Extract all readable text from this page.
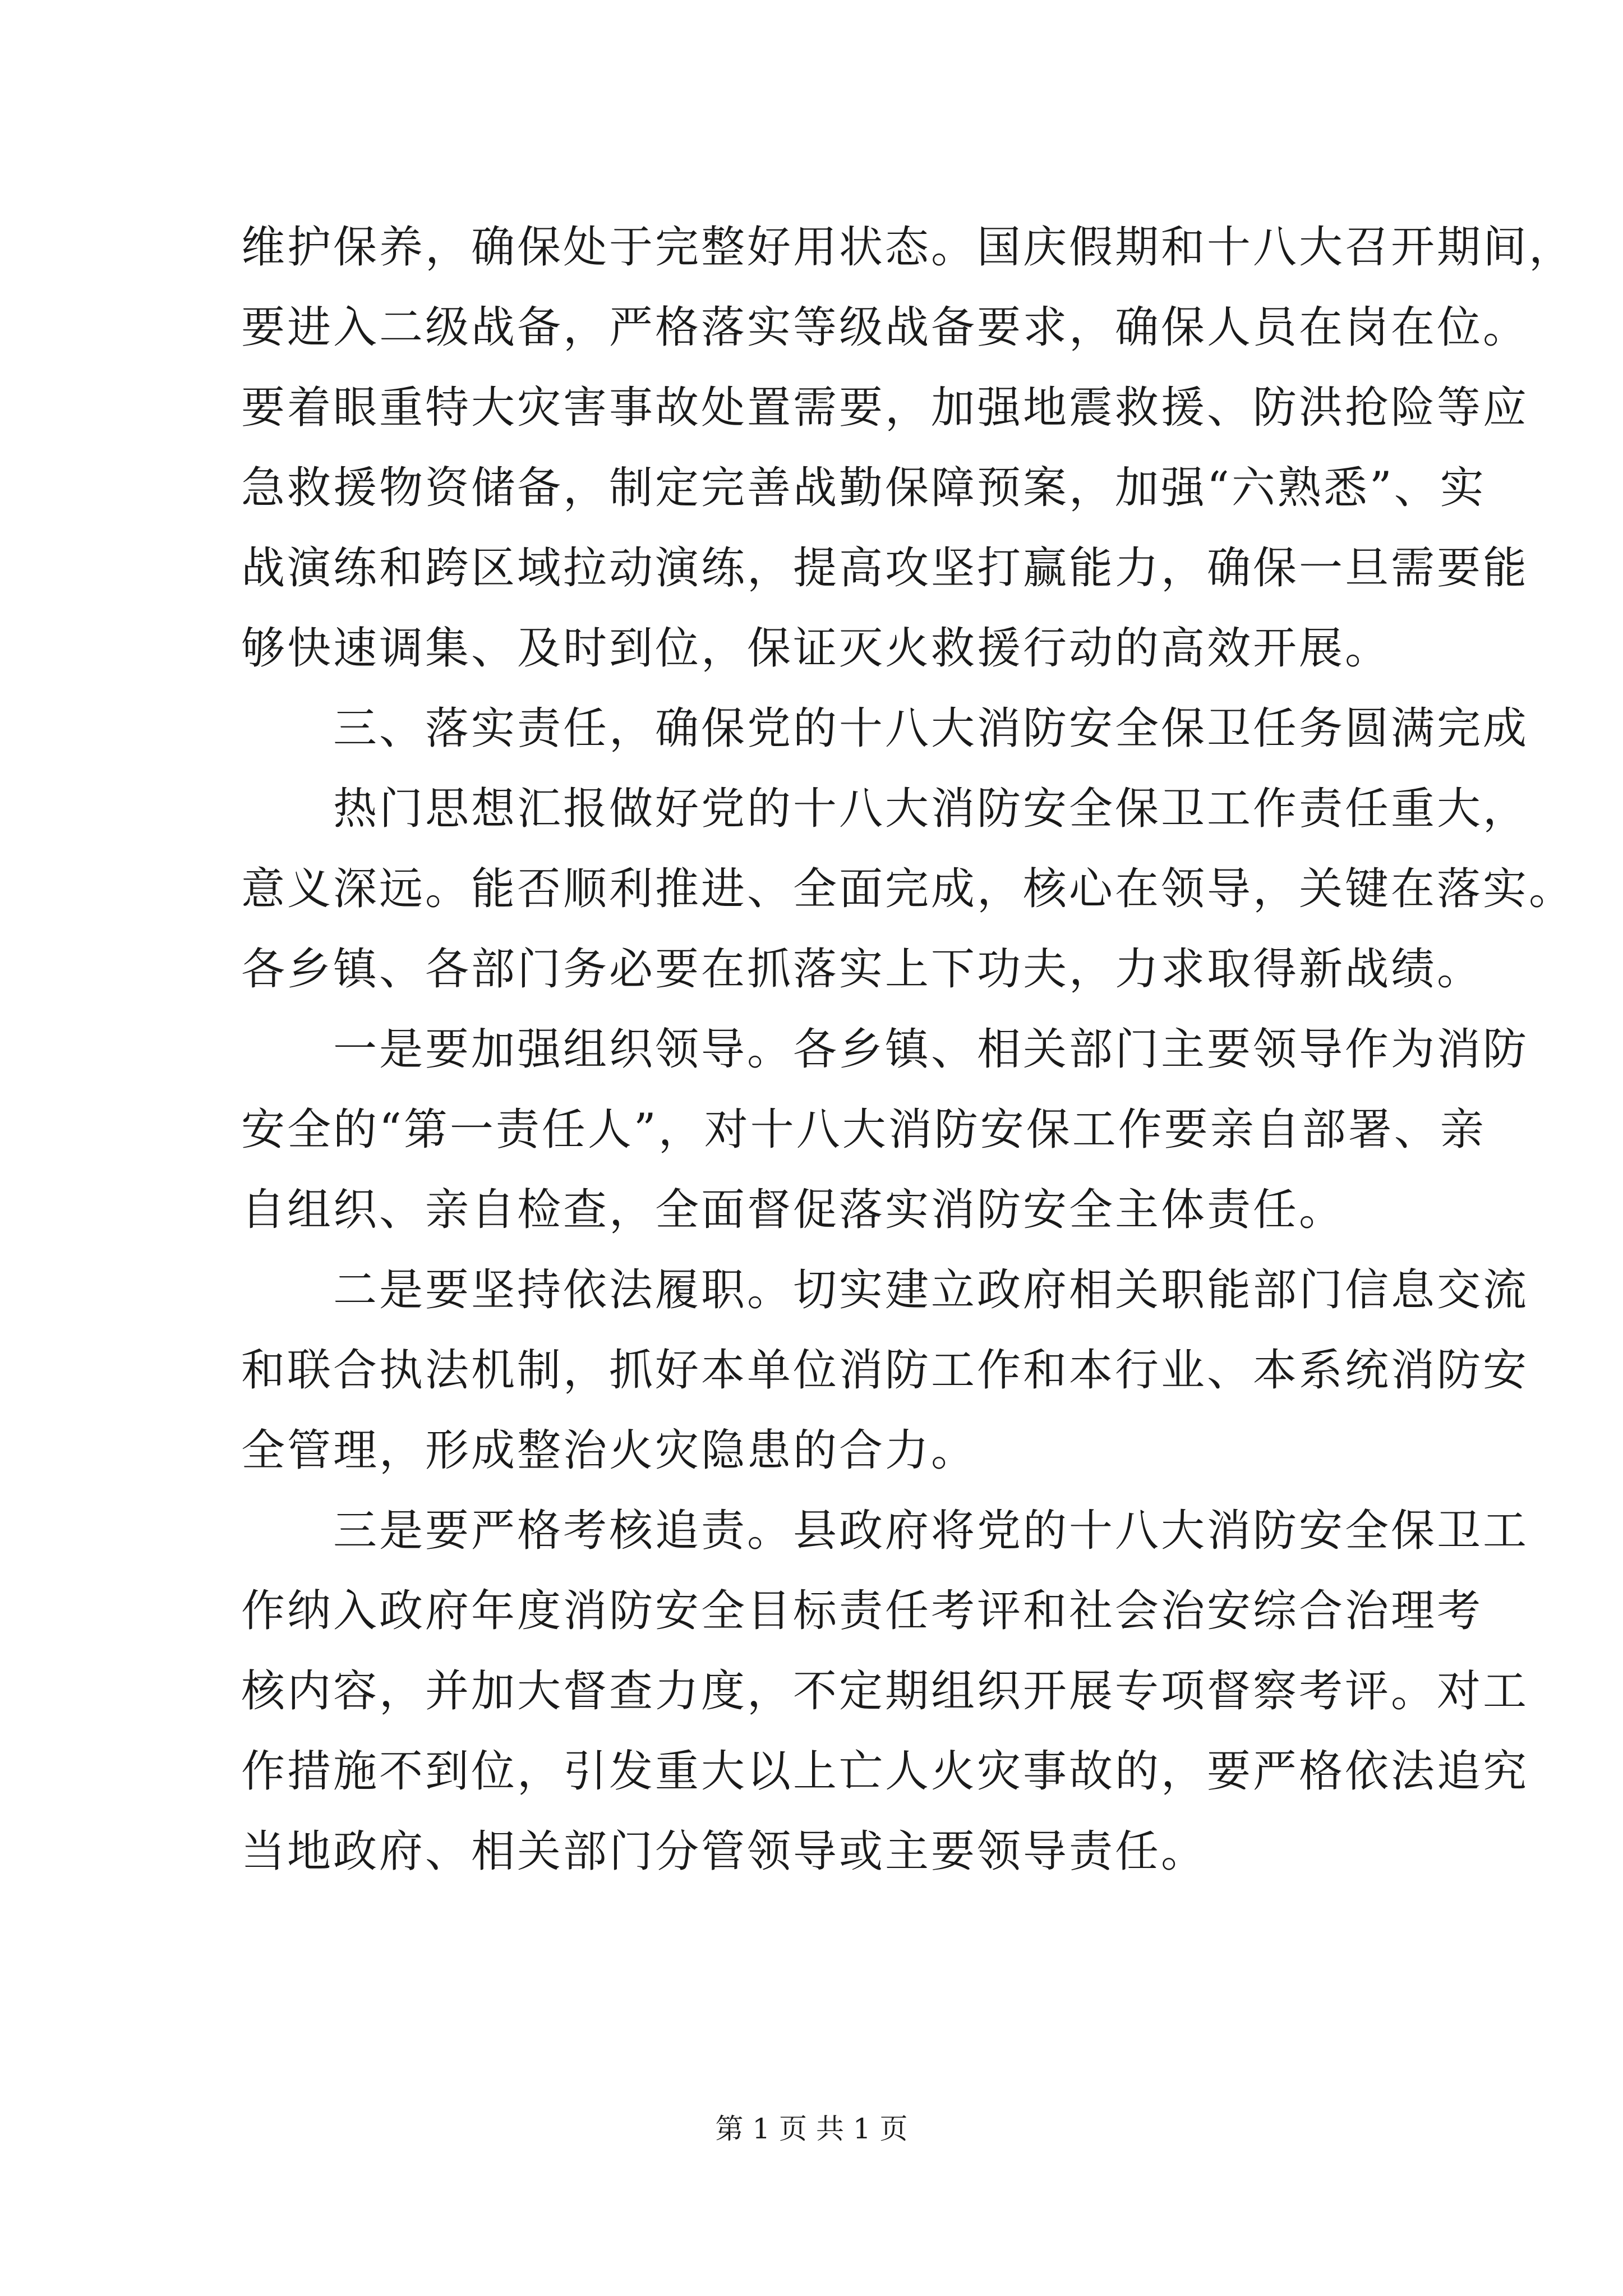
维护保养，确保处于完整好用状态。国庆假期和十八大召开期间，
要进入二级战备，严格落实等级战备要求，确保人员在岗在位。
要着眼重特大灾害事故处置需要，加强地震救援、防洪抢险等应
急救援物资储备，制定完善战勤保障预案，加强“六熟悉”、实
战演练和跨区域拉动演练，提高攻坚打赢能力，确保一旦需要能
够快速调集、及时到位，保证灭火救援行动的高效开展。
　　三、落实责任，确保党的十八大消防安全保卫任务圆满完成
　　热门思想汇报做好党的十八大消防安全保卫工作责任重大，
意义深远。能否顺利推进、全面完成，核心在领导，关键在落实。
各乡镇、各部门务必要在抓落实上下功夫，力求取得新战绩。
　　一是要加强组织领导。各乡镇、相关部门主要领导作为消防
安全的“第一责任人”，对十八大消防安保工作要亲自部署、亲
自组织、亲自检查，全面督促落实消防安全主体责任。
　　二是要坚持依法履职。切实建立政府相关职能部门信息交流
和联合执法机制，抓好本单位消防工作和本行业、本系统消防安
全管理，形成整治火灾隐患的合力。
　　三是要严格考核追责。县政府将党的十八大消防安全保卫工
作纳入政府年度消防安全目标责任考评和社会治安综合治理考
核内容，并加大督查力度，不定期组织开展专项督察考评。对工
作措施不到位，引发重大以上亡人火灾事故的，要严格依法追究
当地政府、相关部门分管领导或主要领导责任。
第 1 页 共 1 页
